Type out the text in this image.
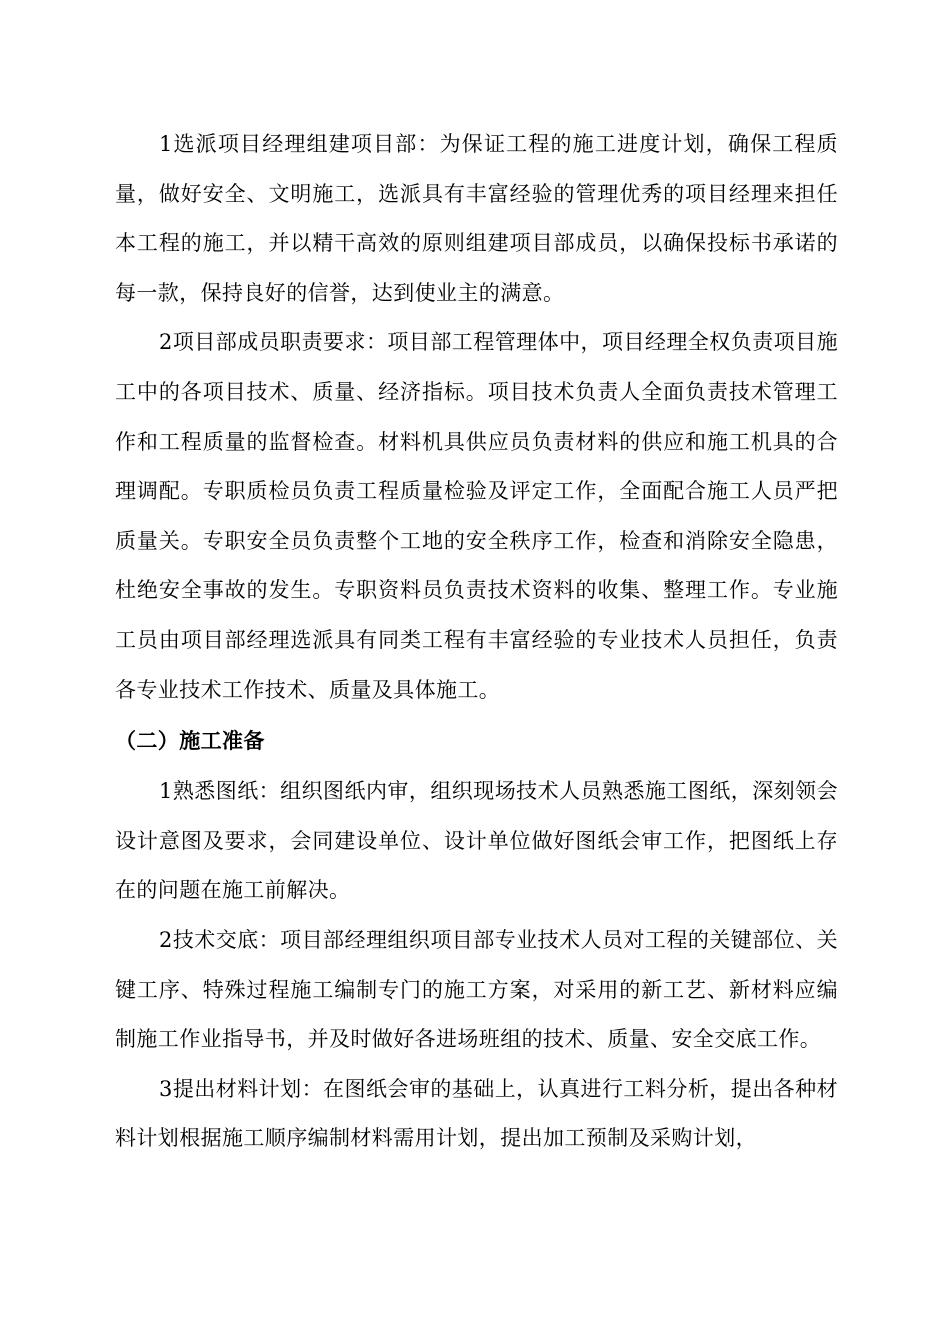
1选派项目经理组建项目部：为保证工程的施工进度计划，确保工程质量，做好安全、文明施工，选派具有丰富经验的管理优秀的项目经理来担任本工程的施工，并以精干高效的原则组建项目部成员，以确保投标书承诺的每一款，保持良好的信誉，达到使业主的满意。

2项目部成员职责要求：项目部工程管理体中，项目经理全权负责项目施工中的各项目技术、质量、经济指标。项目技术负责人全面负责技术管理工作和工程质量的监督检查。材料机具供应员负责材料的供应和施工机具的合理调配。专职质检员负责工程质量检验及评定工作，全面配合施工人员严把质量关。专职安全员负责整个工地的安全秩序工作，检查和消除安全隐患，杜绝安全事故的发生。专职资料员负责技术资料的收集、整理工作。专业施工员由项目部经理选派具有同类工程有丰富经验的专业技术人员担任，负责各专业技术工作技术、质量及具体施工。

（二）施工准备

1熟悉图纸：组织图纸内审，组织现场技术人员熟悉施工图纸，深刻领会设计意图及要求，会同建设单位、设计单位做好图纸会审工作，把图纸上存在的问题在施工前解决。

2技术交底：项目部经理组织项目部专业技术人员对工程的关键部位、关键工序、特殊过程施工编制专门的施工方案，对采用的新工艺、新材料应编制施工作业指导书，并及时做好各进场班组的技术、质量、安全交底工作。

3提出材料计划：在图纸会审的基础上，认真进行工料分析，提出各种材料计划根据施工顺序编制材料需用计划，提出加工预制及采购计划，
